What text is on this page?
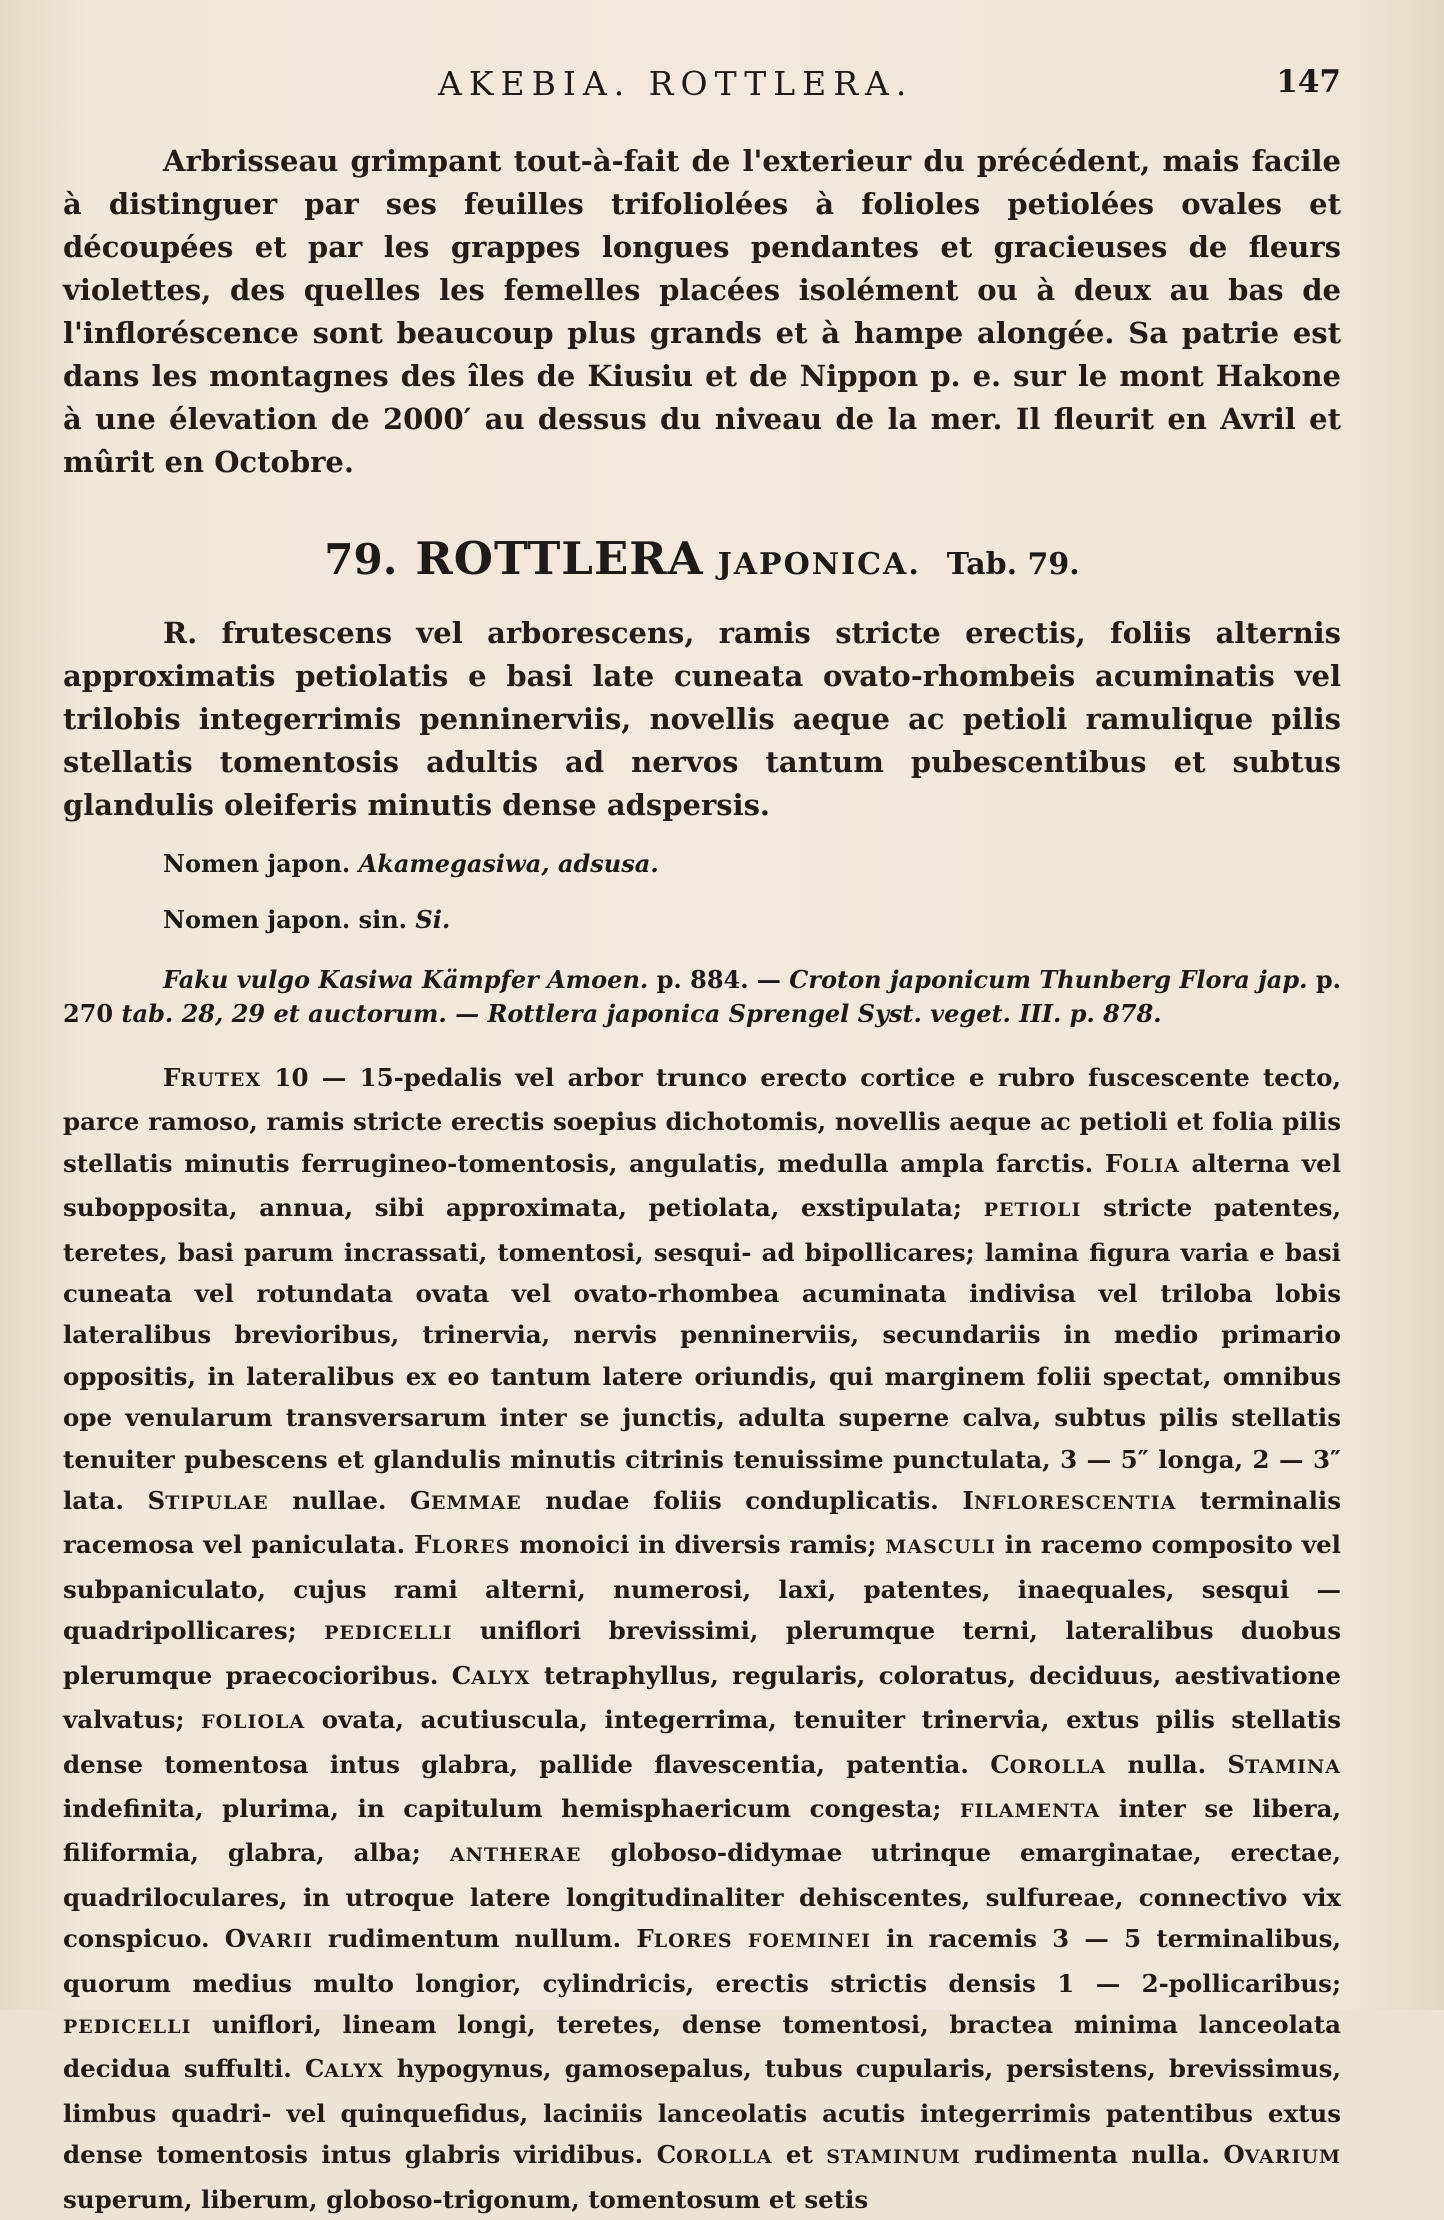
AKEBIA. ROTTLERA.	147

Arbrisseau grimpant tout-à-fait de l'exterieur du précédent, mais facile à distinguer par ses feuilles trifoliolées à folioles petiolées ovales et découpées et par les grappes longues pendantes et gracieuses de fleurs violettes, des quelles les femelles placées isolément ou à deux au bas de l'infloréscence sont beaucoup plus grands et à hampe alongée. Sa patrie est dans les montagnes des îles de Kiusiu et de Nippon p. e. sur le mont Hakone à une élevation de 2000′ au dessus du niveau de la mer. Il fleurit en Avril et mûrit en Octobre.

79. ROTTLERA JAPONICA. Tab. 79.

R. frutescens vel arborescens, ramis stricte erectis, foliis alternis approximatis petiolatis e basi late cuneata ovato-rhombeis acuminatis vel trilobis integerrimis penninerviis, novellis aeque ac petioli ramulique pilis stellatis tomentosis adultis ad nervos tantum pubescentibus et subtus glandulis oleiferis minutis dense adspersis.

Nomen japon. Akamegasiwa, adsusa.

Nomen japon. sin. Si.

Faku vulgo Kasiwa Kämpfer Amoen. p. 884. — Croton japonicum Thunberg Flora jap. p. 270 tab. 28, 29 et auctorum. — Rottlera japonica Sprengel Syst. veget. III. p. 878.

FRUTEX 10 — 15-pedalis vel arbor trunco erecto cortice e rubro fuscescente tecto, parce ramoso, ramis stricte erectis soepius dichotomis, novellis aeque ac petioli et folia pilis stellatis minutis ferrugineo-tomentosis, angulatis, medulla ampla farctis. FOLIA alterna vel subopposita, annua, sibi approximata, petiolata, exstipulata; PETIOLI stricte patentes, teretes, basi parum incrassati, tomentosi, sesqui- ad bipollicares; lamina figura varia e basi cuneata vel rotundata ovata vel ovato-rhombea acuminata indivisa vel triloba lobis lateralibus brevioribus, trinervia, nervis penninerviis, secundariis in medio primario oppositis, in lateralibus ex eo tantum latere oriundis, qui marginem folii spectat, omnibus ope venularum transversarum inter se junctis, adulta superne calva, subtus pilis stellatis tenuiter pubescens et glandulis minutis citrinis tenuissime punctulata, 3 — 5″ longa, 2 — 3″ lata. STIPULAE nullae. GEMMAE nudae foliis conduplicatis. INFLORESCENTIA terminalis racemosa vel paniculata. FLORES monoici in diversis ramis; MASCULI in racemo composito vel subpaniculato, cujus rami alterni, numerosi, laxi, patentes, inaequales, sesqui — quadripollicares; PEDICELLI uniflori brevissimi, plerumque terni, lateralibus duobus plerumque praecocioribus. CALYX tetraphyllus, regularis, coloratus, deciduus, aestivatione valvatus; FOLIOLA ovata, acutiuscula, integerrima, tenuiter trinervia, extus pilis stellatis dense tomentosa intus glabra, pallide flavescentia, patentia. COROLLA nulla. STAMINA indefinita, plurima, in capitulum hemisphaericum congesta; FILAMENTA inter se libera, filiformia, glabra, alba; ANTHERAE globoso-didymae utrinque emarginatae, erectae, quadriloculares, in utroque latere longitudinaliter dehiscentes, sulfureae, connectivo vix conspicuo. OVARII rudimentum nullum. FLORES FOEMINEI in racemis 3 — 5 terminalibus, quorum medius multo longior, cylindricis, erectis strictis densis 1 — 2-pollicaribus; PEDICELLI uniflori, lineam longi, teretes, dense tomentosi, bractea minima lanceolata decidua suffulti. CALYX hypogynus, gamosepalus, tubus cupularis, persistens, brevissimus, limbus quadri- vel quinquefidus, laciniis lanceolatis acutis integerrimis patentibus extus dense tomentosis intus glabris viridibus. COROLLA et STAMINUM rudimenta nulla. OVARIUM superum, liberum, globoso-trigonum, tomentosum et setis
